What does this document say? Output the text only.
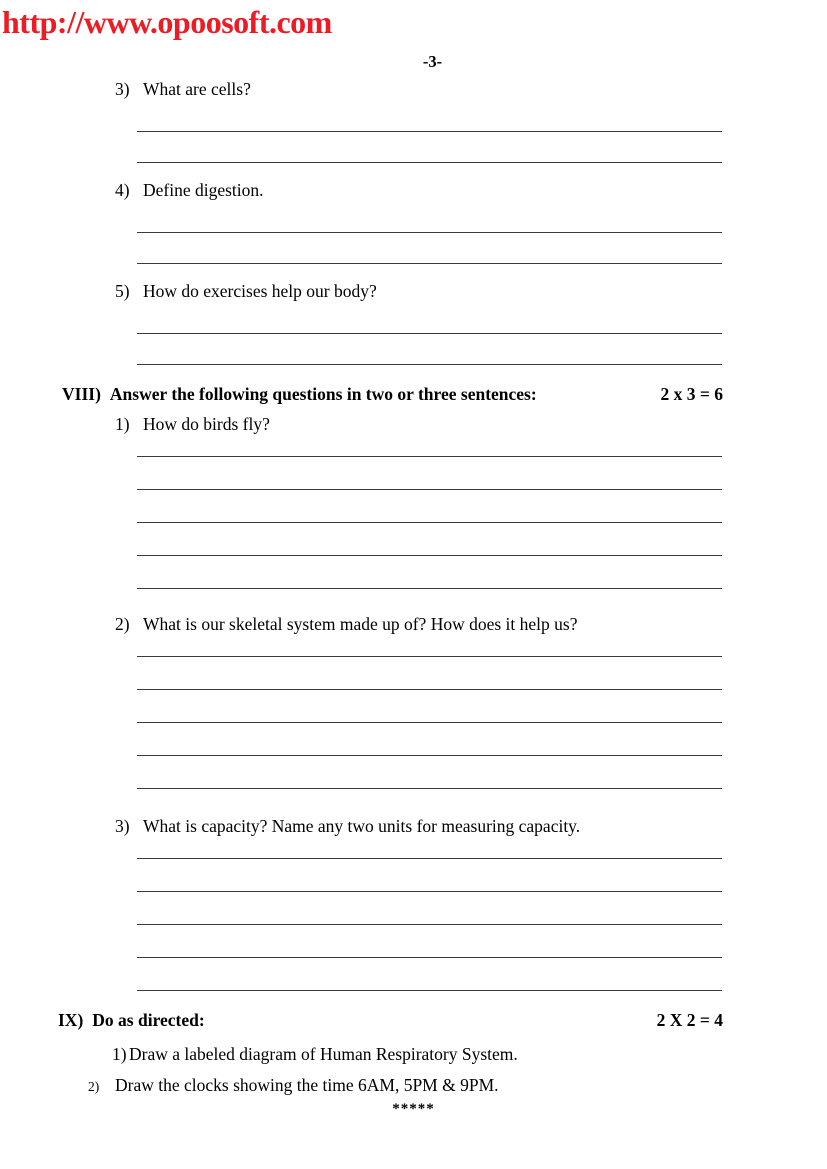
http://www.opoosoft.com
-3-
3) What are cells?
4) Define digestion.
5) How do exercises help our body?
VIII) Answer the following questions in two or three sentences:	2 x 3 = 6
1) How do birds fly?
2) What is our skeletal system made up of? How does it help us?
3) What is capacity? Name any two units for measuring capacity.
IX) Do as directed:	2 X 2 = 4
1) Draw a labeled diagram of Human Respiratory System.
2) Draw the clocks showing the time 6AM, 5PM & 9PM.
*****
